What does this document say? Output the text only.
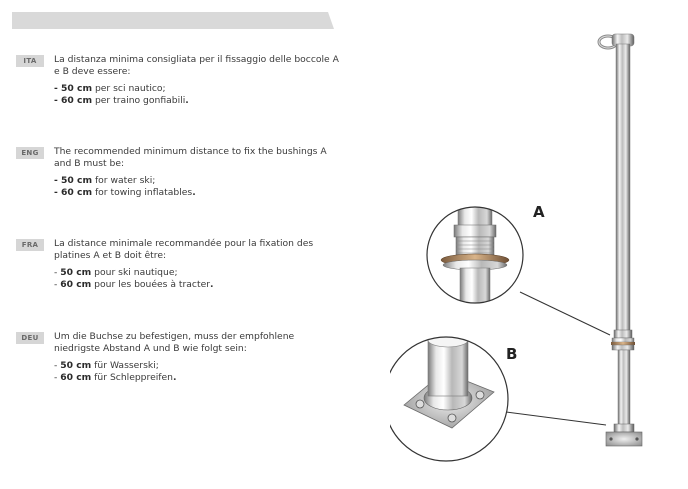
ITA	La distanza minima consigliata per il fissaggio delle boccole A e B deve essere:

- 50 cm per sci nautico;

- 60 cm per traino gonfiabili.

ENG	The recommended minimum distance to fix the bushings A and B must be:

- 50 cm for water ski;

- 60 cm for towing inflatables.

FRA	La distance minimale recommandée pour la fixation des platines A et B doit être:

- 50 cm pour ski nautique;

- 60 cm pour les bouées à tracter.

DEU	Um die Buchse zu befestigen, muss der empfohlene niedrigste Abstand A und B wie folgt sein:

- 50 cm für Wasserski;

- 60 cm für Schleppreifen.

A
B
